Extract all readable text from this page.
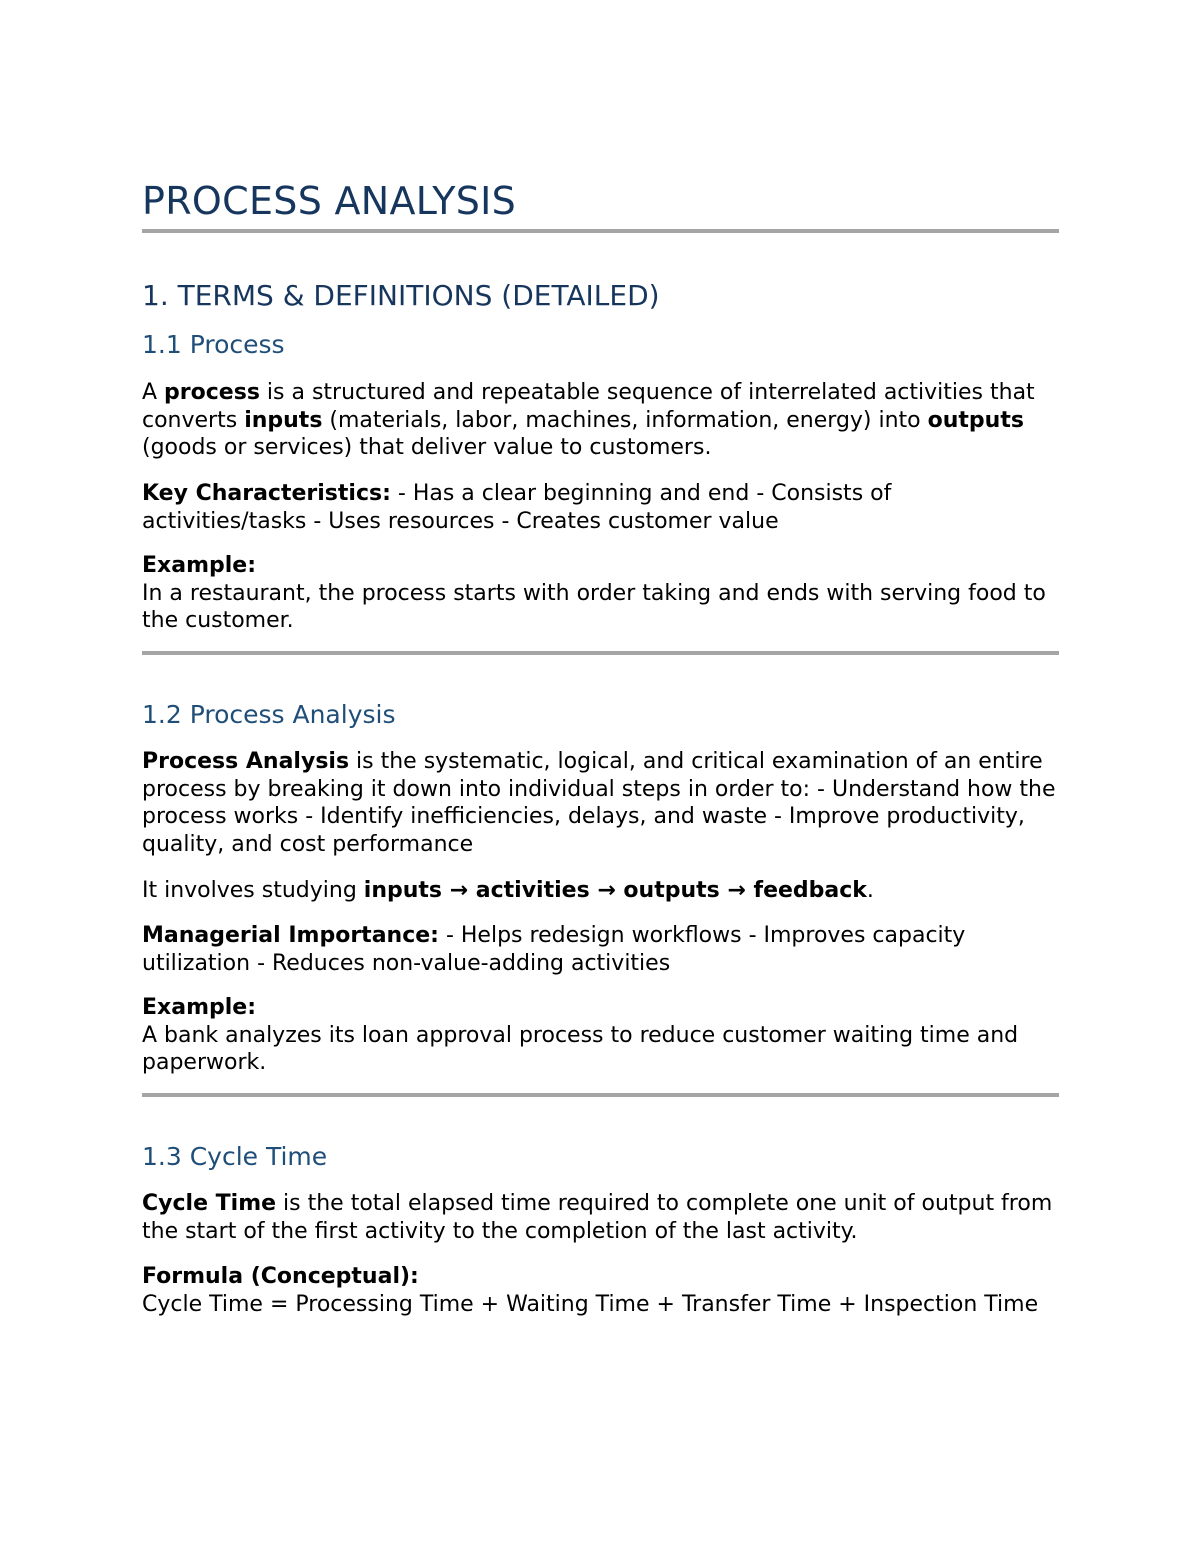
PROCESS ANALYSIS
1. TERMS & DEFINITIONS (DETAILED)
1.1 Process

A process is a structured and repeatable sequence of interrelated activities that converts inputs (materials, labor, machines, information, energy) into outputs (goods or services) that deliver value to customers.

Key Characteristics: - Has a clear beginning and end - Consists of activities/tasks - Uses resources - Creates customer value

Example:
In a restaurant, the process starts with order taking and ends with serving food to the customer.

1.2 Process Analysis

Process Analysis is the systematic, logical, and critical examination of an entire process by breaking it down into individual steps in order to: - Understand how the process works - Identify inefficiencies, delays, and waste - Improve productivity, quality, and cost performance

It involves studying inputs → activities → outputs → feedback.

Managerial Importance: - Helps redesign workflows - Improves capacity utilization - Reduces non-value-adding activities

Example:
A bank analyzes its loan approval process to reduce customer waiting time and paperwork.

1.3 Cycle Time

Cycle Time is the total elapsed time required to complete one unit of output from the start of the first activity to the completion of the last activity.

Formula (Conceptual):
Cycle Time = Processing Time + Waiting Time + Transfer Time + Inspection Time
